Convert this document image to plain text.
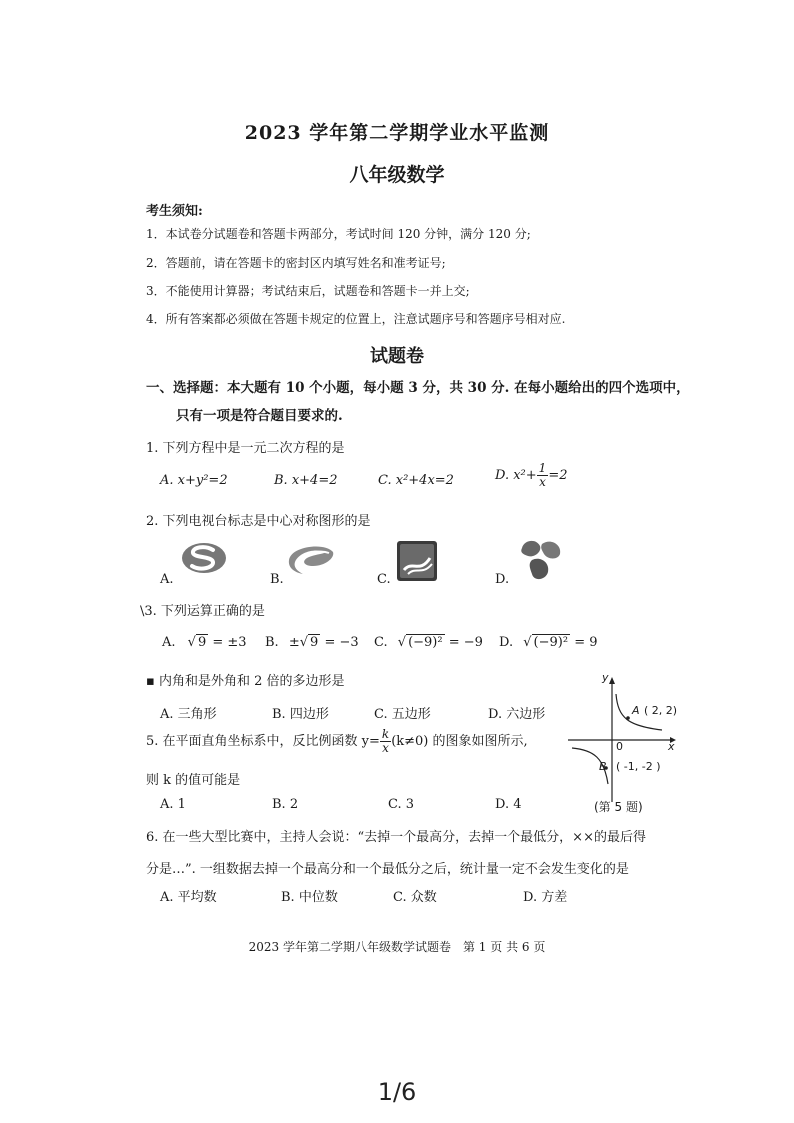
2023 学年第二学期学业水平监测
八年级数学
考生须知:
1．本试卷分试题卷和答题卡两部分，考试时间 120 分钟，满分 120 分;
2．答题前，请在答题卡的密封区内填写姓名和准考证号;
3．不能使用计算器；考试结束后，试题卷和答题卡一并上交;
4．所有答案都必须做在答题卡规定的位置上，注意试题序号和答题序号相对应.
试题卷
一、选择题：本大题有 10 个小题，每小题 3 分，共 30 分. 在每小题给出的四个选项中，
只有一项是符合题目要求的.
1. 下列方程中是一元二次方程的是
A. x+y²=2	B. x+4=2	C. x²+4x=2	D. $x^2+ \frac{1}{x} =2$
2. 下列电视台标志是中心对称图形的是
A.	B.	C.	D.
\3. 下列运算正确的是
A. √ 9 = ±3 B. ±√ 9 = −3 C. √ (−9)² = −9 D. √ (−9)² = 9
▪ 内角和是外角和 2 倍的多边形是
A. 三角形	B. 四边形	C. 五边形	D. 六边形
5. 在平面直角坐标系中，反比例函数 $y= \frac{k}{x} (k\ne 0)$ 的图象如图所示,
则 k 的值可能是
A. 1	B. 2	C. 3	D. 4
y
x
0
A ( 2, 2)
B ( -1, -2 )
(第 5 题)
6. 在一些大型比赛中，主持人会说：“去掉一个最高分，去掉一个最低分，××的最后得
分是…”. 一组数据去掉一个最高分和一个最低分之后，统计量一定不会发生变化的是
A. 平均数	B. 中位数	C. 众数	D. 方差
2023 学年第二学期八年级数学试题卷　第 1 页 共 6 页
1/6
